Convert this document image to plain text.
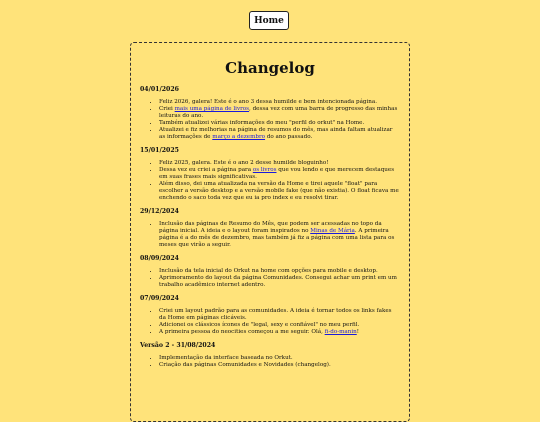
Home
Changelog
04/01/2026
• Feliz 2026, galera! Este é o ano 3 dessa humilde e bem intencionada página.
• Criei mais uma página de livros, dessa vez com uma barra de progresso das minhas leituras do ano.
• Também atualizei várias informações do meu "perfil do orkut" na Home.
• Atualizei e fiz melhorias na página de resumos do mês, mas ainda faltam atualizar as informações de março a dezembro do ano passado.
15/01/2025
• Feliz 2025, galera. Este é o ano 2 desse humilde bloguinho!
• Dessa vez eu criei a página para os livros que vou lendo e que merecem destaques em suas frases mais significativas.
• Além disso, dei uma atualizada na versão da Home e tirei aquele "float" para escolher a versão desktop e a versão mobile fake (que não existia). O float ficava me enchendo o saco toda vez que eu ia pro index e eu resolvi tirar.
29/12/2024
• Inclusão das páginas de Resumo do Mês, que podem ser acessadas no topo da página inicial. A ideia e o layout foram inspirados no Minas de Mária. A primeira página é a do mês de dezembro, mas também já fiz a página com uma lista para os meses que virão a seguir.
08/09/2024
• Inclusão da tela inicial do Orkut na home com opções para mobile e desktop.
• Aprimoramento do layout da página Comunidades. Consegui achar um print em um trabalho acadêmico internet adentro.
07/09/2024
• Criei um layout padrão para as comunidades. A ideia é tornar todos os links fakes da Home em páginas clicáveis.
• Adicionei os clássicos ícones de "legal, sexy e confiável" no meu perfil.
• A primeira pessoa do neocities começou a me seguir. Olá, fi-do-manin!
Versão 2 - 31/08/2024
• Implementação da interface baseada no Orkut.
• Criação das páginas Comunidades e Novidades (changelog).
